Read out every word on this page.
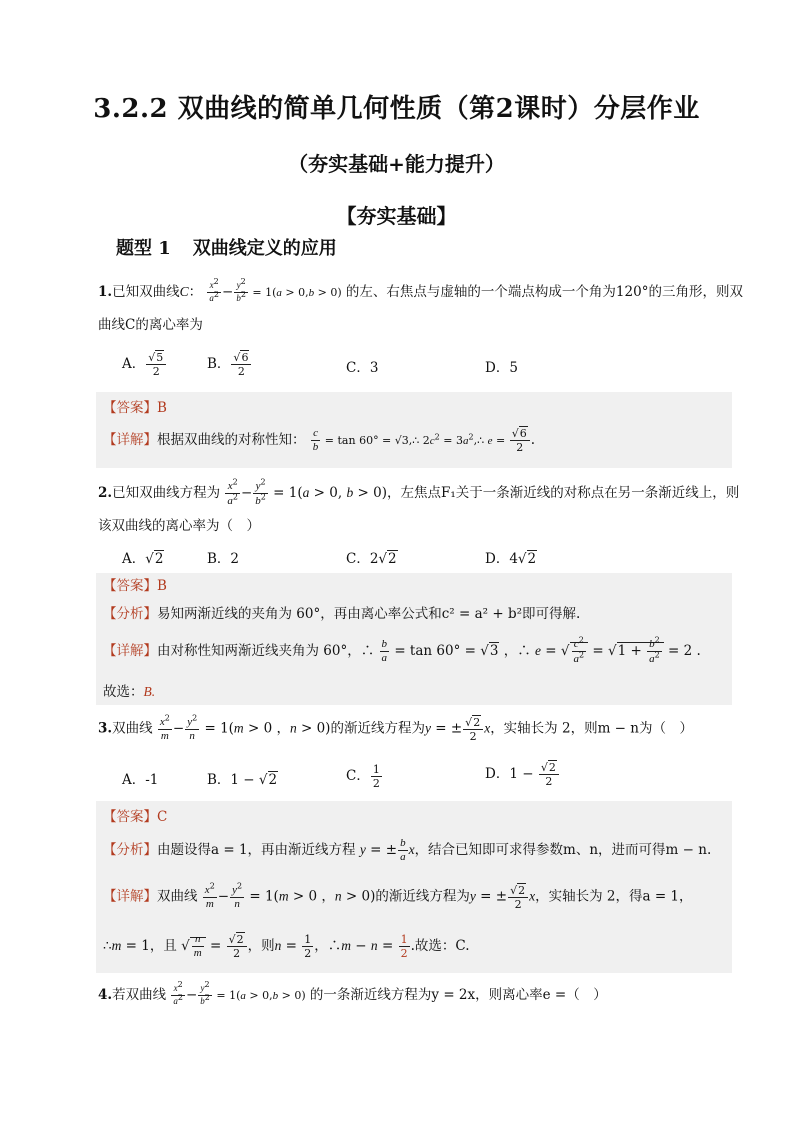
3.2.2 双曲线的简单几何性质（第2课时）分层作业
（夯实基础+能力提升）
【夯实基础】
题型 1 双曲线定义的应用
1.已知双曲线C： $\frac{x^2}{a^2} - \frac{y^2}{b^2} = 1(a > 0,b > 0)$ 的左、右焦点与虚轴的一个端点构成一个角为120°的三角形，则双
曲线C的离心率为
A． $\frac{√5}{2}$	B． $\frac{√6}{2}$	C．3	D．5
【答案】B
【详解】根据双曲线的对称性知： $\frac{c}{b} = \tan 60^\circ$ = √3,∴ $2c^2$ = $3a^2,\therefore$ $e = \frac{√6}{2}$ .
2.已知双曲线方程为 $\frac{x^2}{a^2} - \frac{y^2}{b^2} = 1(a > 0$, b > 0)，左焦点F₁关于一条渐近线的对称点在另一条渐近线上，则
该双曲线的离心率为（　）
A．√2	B．2	C．2√2	D．4√2
【答案】B
【分析】易知两渐近线的夹角为 60°，再由离心率公式和c² = a² + b²即可得解.
【详解】由对称性知两渐近线夹角为 60°，∴ $\frac{b}{a} = \tan 60^\circ = √3$ ，∴ e = √ $\frac{c^2}{a^2} = √1 + \frac{b^2}{a^2} = 2$ .
故选：B.
3.双曲线 $\frac{x^2}{m} - \frac{y^2}{n} = 1(m > 0$ ，n > 0)的渐近线方程为y = ± $\frac{√2}{2}$ x，实轴长为 2，则m − n为（　）
A．-1	B．1 − √2	C． $\frac{1}{2}$	D．$1 - \frac{√2}{2}$
【答案】C
【分析】由题设得a = 1，再由渐近线方程 y = ± $\frac{b}{a}$ x，结合已知即可求得参数m、n，进而可得m − n.
【详解】双曲线 $\frac{x^2}{m} - \frac{y^2}{n} = 1(m > 0$ ，n > 0)的渐近线方程为y = ± $\frac{√2}{2}$ x，实轴长为 2，得a = 1，
∴m = 1，且 √ $\frac{n}{m} = \frac{√2}{2}$ ，则$n = \frac{1}{2}$ ，∴m − $n = \frac{1}{2}$ .故选：C.
4.若双曲线 $\frac{x^2}{a^2} - \frac{y^2}{b^2} = 1(a > 0,b > 0)$ 的一条渐近线方程为y = 2x，则离心率e =（　）
